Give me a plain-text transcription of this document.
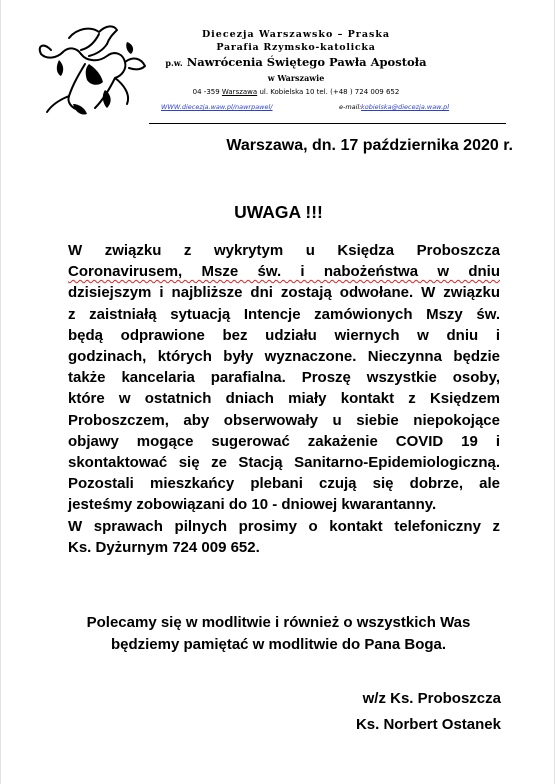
Diecezja Warszawsko – Praska
Parafia Rzymsko-katolicka
p.w. Nawrócenia Świętego Pawła Apostoła
w Warszawie
04 -359 Warszawa ul. Kobielska 10 tel. (+48 ) 724 009 652
WWW.diecezja.waw.pl/nawrpawel/	e-mail: kobielska@diecezja.waw.pl
Warszawa, dn. 17 października 2020 r.
UWAGA !!!
W związku z wykrytym u Księdza Proboszcza
Coronavirusem, Msze św. i nabożeństwa w dniu
dzisiejszym i najbliższe dni zostają odwołane. W związku
z zaistniałą sytuacją Intencje zamówionych Mszy św.
będą odprawione bez udziału wiernych w dniu i
godzinach, których były wyznaczone. Nieczynna będzie
także kancelaria parafialna. Proszę wszystkie osoby,
które w ostatnich dniach miały kontakt z Księdzem
Proboszczem, aby obserwowały u siebie niepokojące
objawy mogące sugerować zakażenie COVID 19 i
skontaktować się ze Stacją Sanitarno-Epidemiologiczną.
Pozostali mieszkańcy plebani czują się dobrze, ale
jesteśmy zobowiązani do 10 - dniowej kwarantanny.
W sprawach pilnych prosimy o kontakt telefoniczny z
Ks. Dyżurnym 724 009 652.
Polecamy się w modlitwie i również o wszystkich Was
będziemy pamiętać w modlitwie do Pana Boga.
w/z Ks. Proboszcza
Ks. Norbert Ostanek
